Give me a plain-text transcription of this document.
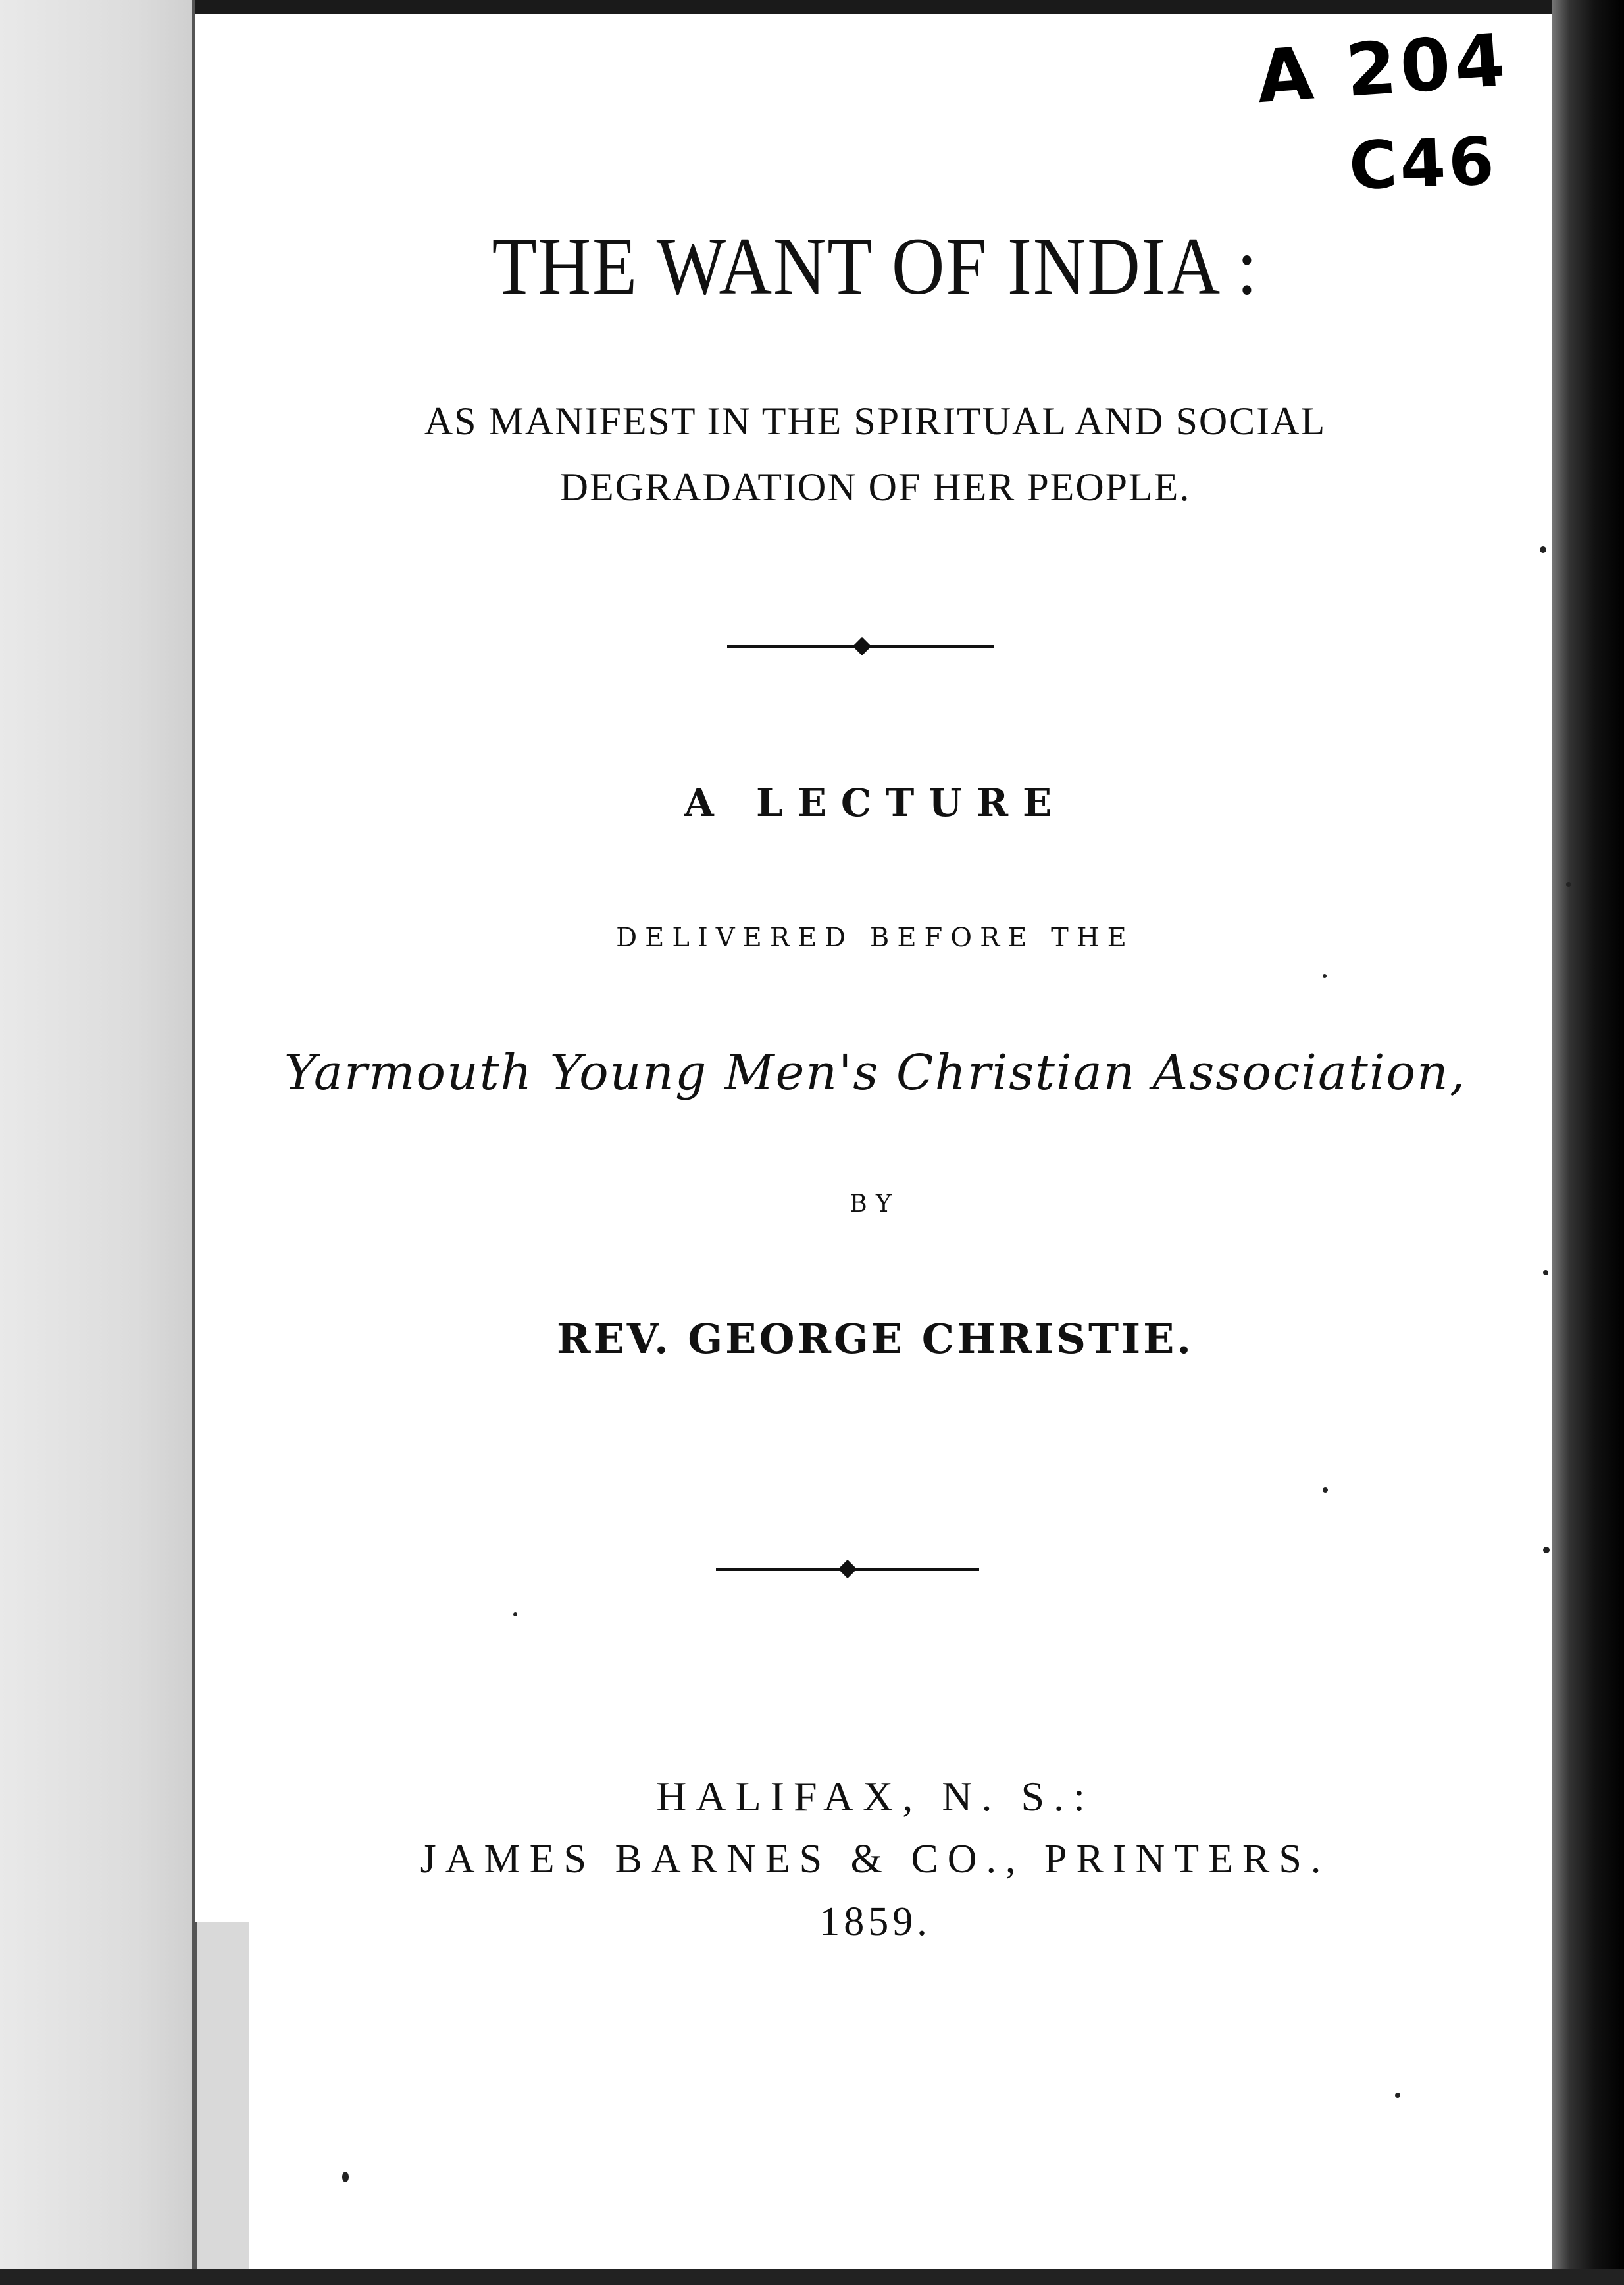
A 204
C46
THE WANT OF INDIA :
AS MANIFEST IN THE SPIRITUAL AND SOCIAL
DEGRADATION OF HER PEOPLE.
A LECTURE
DELIVERED BEFORE THE
Yarmouth Young Men's Christian Association,
BY
REV. GEORGE CHRISTIE.
HALIFAX, N. S.:
JAMES BARNES & CO., PRINTERS.
1859.
